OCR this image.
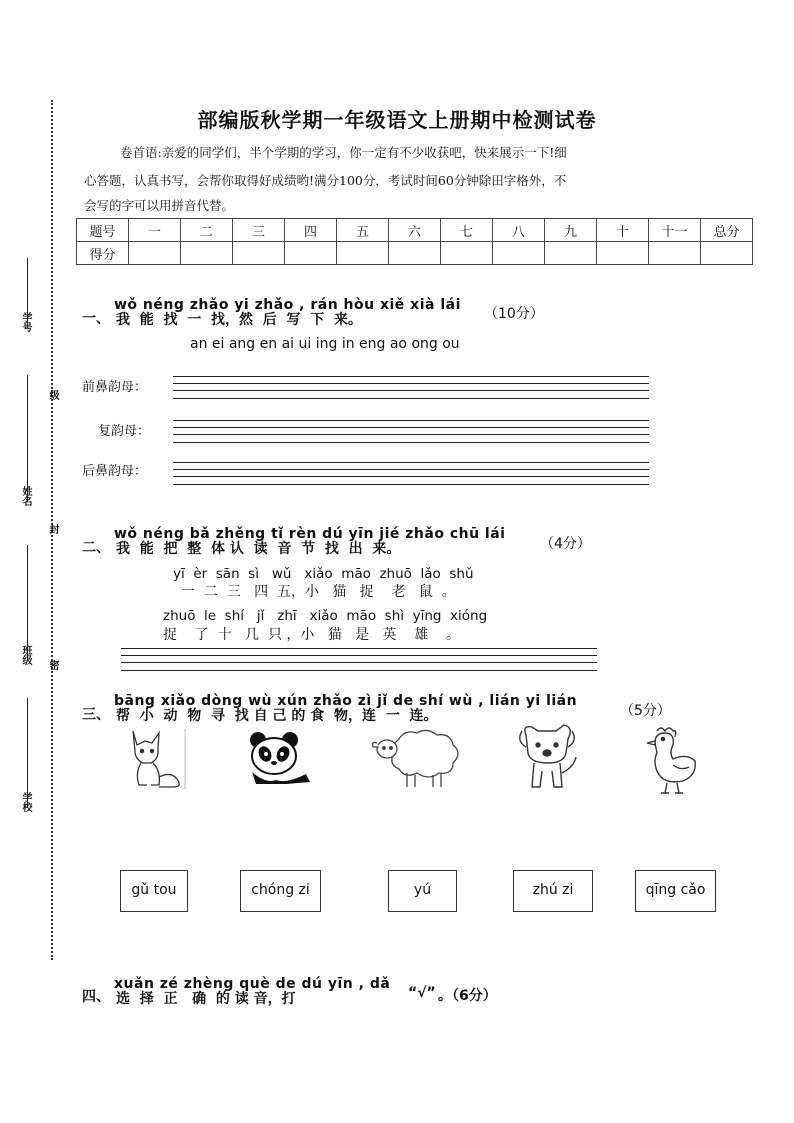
学号
级
姓名
封
班级 密
学校
部编版秋学期一年级语文上册期中检测试卷
卷首语:亲爱的同学们，半个学期的学习，你一定有不少收获吧，快来展示一下!细
心答题，认真书写，会帮你取得好成绩哟!满分100分，考试时间60分钟除田字格外，不
会写的字可以用拼音代替。
题号	一	二	三	四	五	六	七	八	九	十	十一	总分
得分												
一、
wǒ néng zhǎo yi zhǎo , rán hòu xiě xià lái
我  能  找  一  找，然  后  写  下  来。	（10分）
an ei ang en ai ui ing in eng ao ong ou
前鼻韵母：
复韵母：
后鼻韵母：
二、
wǒ néng bǎ zhěng tǐ rèn dú yīn jié zhǎo chū lái
我  能  把  整  体 认  读  音  节  找  出  来。	（4分）
yī  èr  sān  sì   wǔ   xiǎo  māo  zhuō  lǎo  shǔ
一  二  三   四  五，小   猫   捉    老   鼠  。
zhuō  le  shí   jǐ   zhī   xiǎo  māo  shì  yīng  xióng
捉    了  十   几  只 ，小   猫   是   英    雄    。
三、
bāng xiǎo dòng wù xún zhǎo zì jǐ de shí wù , lián yi lián
帮  小  动  物  寻  找 自 己 的 食  物，连  一  连。	（5分）
gǔ tou	chóng zi	yú	zhú zi	qīng cǎo
四、
xuǎn zé zhèng què de dú yīn , dǎ
选  择  正   确  的 读 音，打	“√” 。（6分）
